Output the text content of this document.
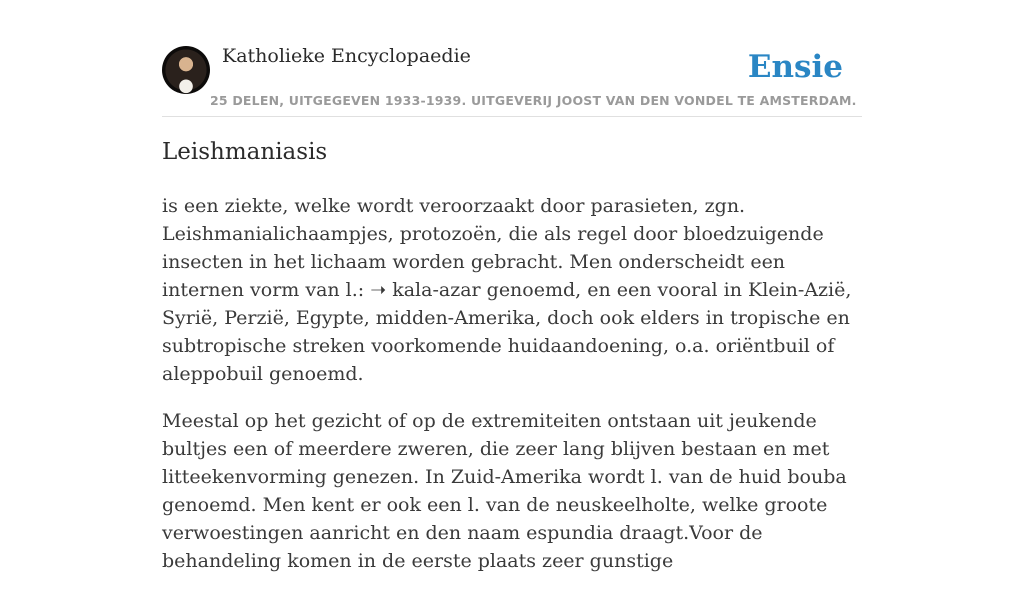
Katholieke Encyclopaedie
25 DELEN, UITGEGEVEN 1933-1939. UITGEVERIJ JOOST VAN DEN VONDEL TE AMSTERDAM.
Ensie
Leishmaniasis

is een ziekte, welke wordt veroorzaakt door parasieten, zgn. Leishmanialichaampjes, protozoën, die als regel door bloedzuigende insecten in het lichaam worden gebracht. Men onderscheidt een internen vorm van l.: ➝ kala-azar genoemd, en een vooral in Klein-Azië, Syrië, Perzië, Egypte, midden-Amerika, doch ook elders in tropische en subtropische streken voorkomende huidaandoening, o.a. oriëntbuil of aleppobuil genoemd.

Meestal op het gezicht of op de extremiteiten ontstaan uit jeukende bultjes een of meerdere zweren, die zeer lang blijven bestaan en met litteekenvorming genezen. In Zuid-Amerika wordt l. van de huid bouba genoemd. Men kent er ook een l. van de neuskeelholte, welke groote verwoestingen aanricht en den naam espundia draagt.Voor de behandeling komen in de eerste plaats zeer gunstige
